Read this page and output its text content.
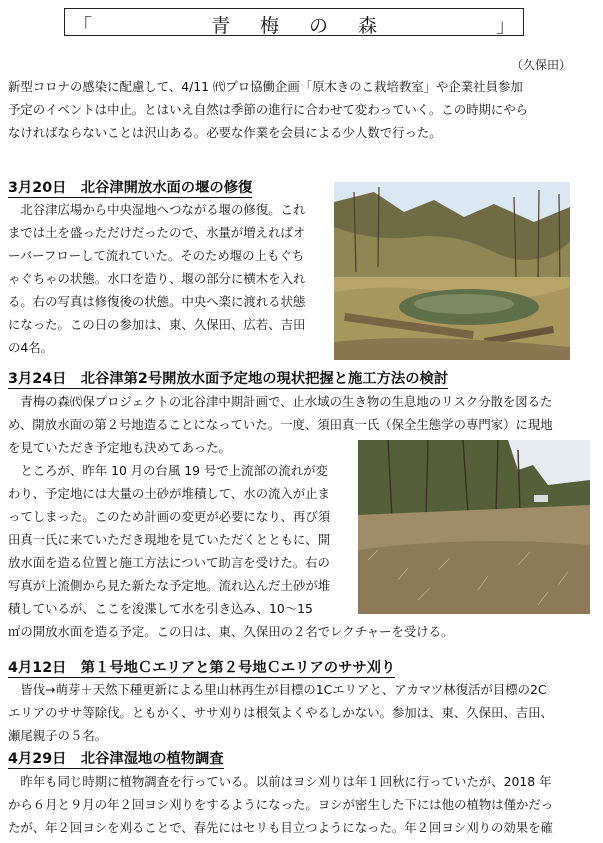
「	青梅の森	」
（久保田）
新型コロナの感染に配慮して、4/11 ㈹プロ協働企画「原木きのこ栽培教室」や企業社員参加
予定のイベントは中止。とはいえ自然は季節の進行に合わせて変わっていく。この時期にやら
なければならないことは沢山ある。必要な作業を会員による少人数で行った。
3月20日　北谷津開放水面の堰の修復
　北谷津広場から中央湿地へつながる堰の修復。これ
までは土を盛っただけだったので、水量が増えればオ
ーバーフローして流れていた。そのため堰の上もぐち
ゃぐちゃの状態。水口を造り、堰の部分に横木を入れ
る。右の写真は修復後の状態。中央へ楽に渡れる状態
になった。この日の参加は、東、久保田、広若、吉田
の4名。
3月24日　北谷津第2号開放水面予定地の現状把握と施工方法の検討
　青梅の森㈹保プロジェクトの北谷津中期計画で、止水域の生き物の生息地のリスク分散を図るた
め、開放水面の第２号地造ることになっていた。一度、須田真一氏（保全生態学の専門家）に現地
を見ていただき予定地も決めてあった。
　ところが、昨年 10 月の台風 19 号で上流部の流れが変
わり、予定地には大量の土砂が堆積して、水の流入が止ま
ってしまった。このため計画の変更が必要になり、再び須
田真一氏に来ていただき現地を見ていただくとともに、開
放水面を造る位置と施工方法について助言を受けた。右の
写真が上流側から見た新たな予定地。流れ込んだ土砂が堆
積しているが、ここを浚渫して水を引き込み、10～15
㎡の開放水面を造る予定。この日は、東、久保田の２名でレクチャーを受ける。
4月12日　第１号地Ｃエリアと第２号地Ｃエリアのササ刈り
　皆伐→萌芽＋天然下種更新による里山林再生が目標の1Cエリアと、アカマツ林復活が目標の2C
エリアのササ等除伐。ともかく、ササ刈りは根気よくやるしかない。参加は、東、久保田、吉田、
瀬尾親子の５名。
4月29日　北谷津湿地の植物調査
　昨年も同じ時期に植物調査を行っている。以前はヨシ刈りは年１回秋に行っていたが、2018 年
から６月と９月の年２回ヨシ刈りをするようになった。ヨシが密生した下には他の植物は僅かだっ
たが、年２回ヨシを刈ることで、春先にはセリも目立つようになった。年２回ヨシ刈りの効果を確
